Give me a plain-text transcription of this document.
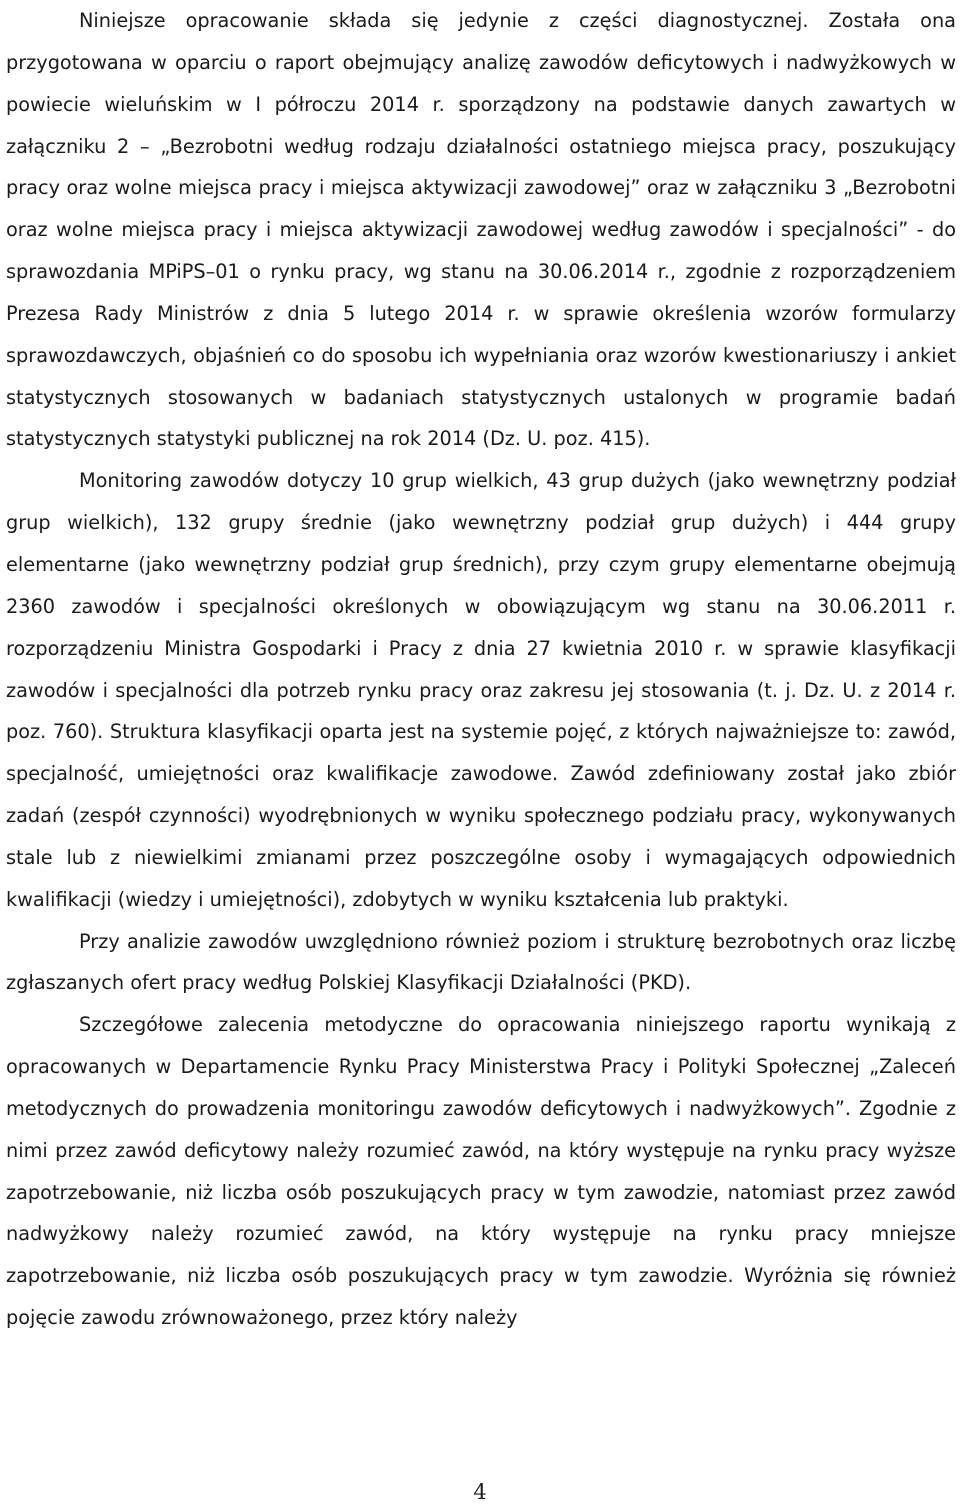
Niniejsze opracowanie składa się jedynie z części diagnostycznej. Została ona przygotowana w oparciu o raport obejmujący analizę zawodów deficytowych i nadwyżkowych w powiecie wieluńskim w I półroczu 2014 r. sporządzony na podstawie danych zawartych w załączniku 2 – „Bezrobotni według rodzaju działalności ostatniego miejsca pracy, poszukujący pracy oraz wolne miejsca pracy i miejsca aktywizacji zawodowej” oraz w załączniku 3 „Bezrobotni oraz wolne miejsca pracy i miejsca aktywizacji zawodowej według zawodów i specjalności” - do sprawozdania MPiPS–01 o rynku pracy, wg stanu na 30.06.2014 r., zgodnie z rozporządzeniem Prezesa Rady Ministrów z dnia 5 lutego 2014 r. w sprawie określenia wzorów formularzy sprawozdawczych, objaśnień co do sposobu ich wypełniania oraz wzorów kwestionariuszy i ankiet statystycznych stosowanych w badaniach statystycznych ustalonych w programie badań statystycznych statystyki publicznej na rok 2014 (Dz. U. poz. 415).

Monitoring zawodów dotyczy 10 grup wielkich, 43 grup dużych (jako wewnętrzny podział grup wielkich), 132 grupy średnie (jako wewnętrzny podział grup dużych) i 444 grupy elementarne (jako wewnętrzny podział grup średnich), przy czym grupy elementarne obejmują 2360 zawodów i specjalności określonych w obowiązującym wg stanu na 30.06.2011 r. rozporządzeniu Ministra Gospodarki i Pracy z dnia 27 kwietnia 2010 r. w sprawie klasyfikacji zawodów i specjalności dla potrzeb rynku pracy oraz zakresu jej stosowania (t. j. Dz. U. z 2014 r. poz. 760). Struktura klasyfikacji oparta jest na systemie pojęć, z których najważniejsze to: zawód, specjalność, umiejętności oraz kwalifikacje zawodowe. Zawód zdefiniowany został jako zbiór zadań (zespół czynności) wyodrębnionych w wyniku społecznego podziału pracy, wykonywanych stale lub z niewielkimi zmianami przez poszczególne osoby i wymagających odpowiednich kwalifikacji (wiedzy i umiejętności), zdobytych w wyniku kształcenia lub praktyki.

Przy analizie zawodów uwzględniono również poziom i strukturę bezrobotnych oraz liczbę zgłaszanych ofert pracy według Polskiej Klasyfikacji Działalności (PKD).

Szczegółowe zalecenia metodyczne do opracowania niniejszego raportu wynikają z opracowanych w Departamencie Rynku Pracy Ministerstwa Pracy i Polityki Społecznej „Zaleceń metodycznych do prowadzenia monitoringu zawodów deficytowych i nadwyżkowych”. Zgodnie z nimi przez zawód deficytowy należy rozumieć zawód, na który występuje na rynku pracy wyższe zapotrzebowanie, niż liczba osób poszukujących pracy w tym zawodzie, natomiast przez zawód nadwyżkowy należy rozumieć zawód, na który występuje na rynku pracy mniejsze zapotrzebowanie, niż liczba osób poszukujących pracy w tym zawodzie. Wyróżnia się również pojęcie zawodu zrównoważonego, przez który należy

4
